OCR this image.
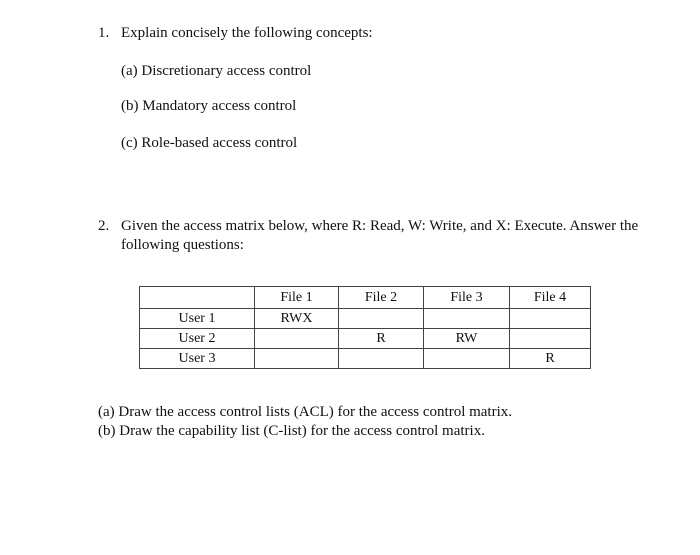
1. Explain concisely the following concepts:
(a) Discretionary access control
(b) Mandatory access control
(c) Role-based access control
2. Given the access matrix below, where R: Read, W: Write, and X: Execute. Answer the
following questions:
	File 1	File 2	File 3	File 4
User 1	RWX			
User 2		R	RW	
User 3				R
(a) Draw the access control lists (ACL) for the access control matrix.
(b) Draw the capability list (C-list) for the access control matrix.
